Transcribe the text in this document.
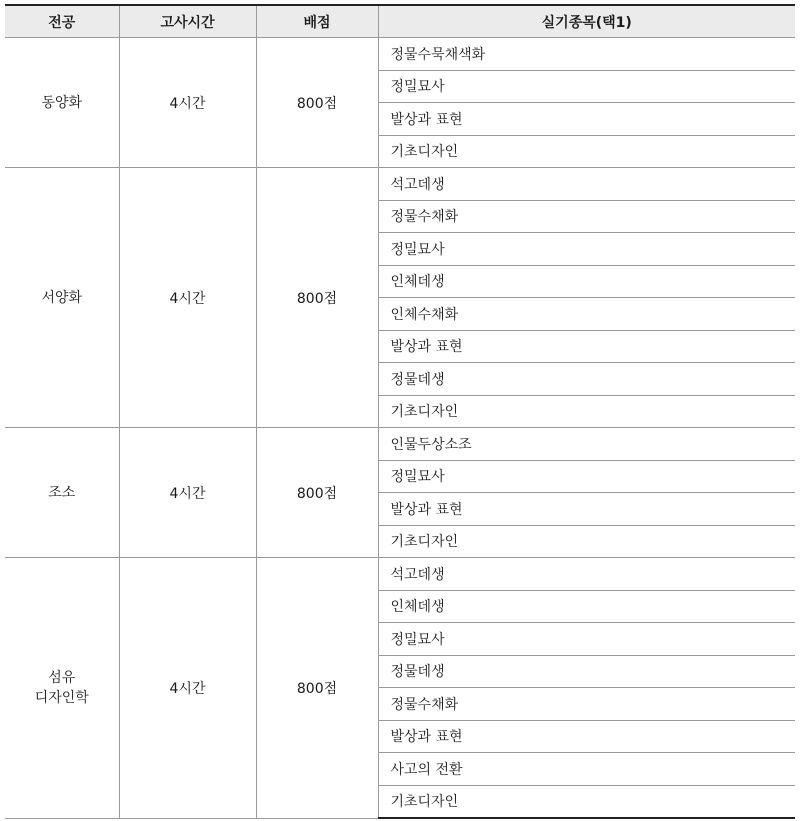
전공	고사시간	배점	실기종목(택1)

동양화	4시간	800점	정물수묵채색화
			정밀묘사
			발상과 표현
			기초디자인

서양화	4시간	800점	석고데생
			정물수채화
			정밀묘사
			인체데생
			인체수채화
			발상과 표현
			정물데생
			기초디자인

조소	4시간	800점	인물두상소조
			정밀묘사
			발상과 표현
			기초디자인

섬유
디자인학	4시간	800점	석고데생
			인체데생
			정밀묘사
			정물데생
			정물수채화
			발상과 표현
			사고의 전환
			기초디자인
